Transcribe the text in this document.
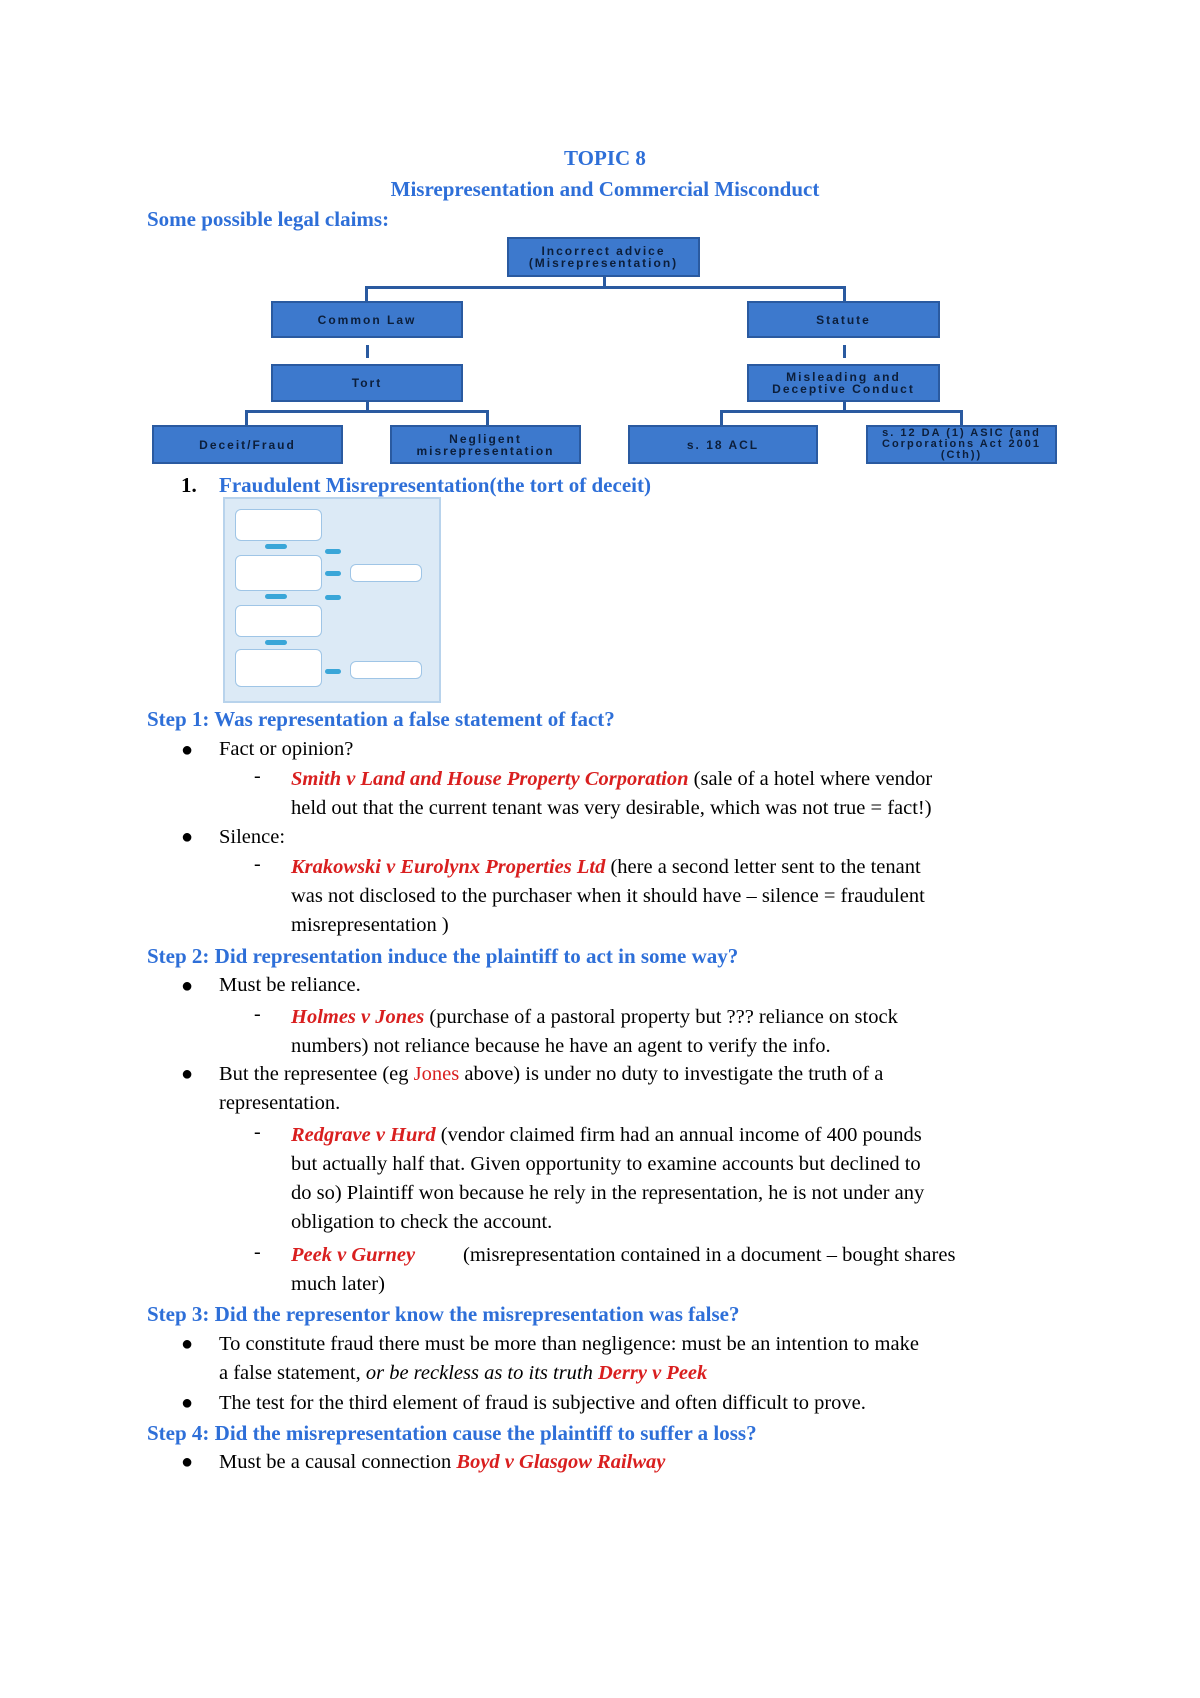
TOPIC 8
Misrepresentation and Commercial Misconduct
Some possible legal claims:
Incorrect advice (Misrepresentation)
Common Law	Statute
Tort	Misleading and Deceptive Conduct
Deceit/Fraud	Negligent misrepresentation	s. 18 ACL
s. 12 DA (1) ASIC (and Corporations Act 2001 (Cth))
1. Fraudulent Misrepresentation(the tort of deceit)
Step 1: Was representation a false statement of fact?
● Fact or opinion?
- Smith v Land and House Property Corporation (sale of a hotel where vendor
held out that the current tenant was very desirable, which was not true = fact!)
● Silence:
- Krakowski v Eurolynx Properties Ltd (here a second letter sent to the tenant
was not disclosed to the purchaser when it should have – silence = fraudulent
misrepresentation )
Step 2: Did representation induce the plaintiff to act in some way?
● Must be reliance.
- Holmes v Jones (purchase of a pastoral property but ??? reliance on stock
numbers) not reliance because he have an agent to verify the info.
● But the representee (eg Jones above) is under no duty to investigate the truth of a
representation.
- Redgrave v Hurd (vendor claimed firm had an annual income of 400 pounds
but actually half that. Given opportunity to examine accounts but declined to
do so) Plaintiff won because he rely in the representation, he is not under any
obligation to check the account.
- Peek v Gurney (misrepresentation contained in a document – bought shares
much later)
Step 3: Did the representor know the misrepresentation was false?
● To constitute fraud there must be more than negligence: must be an intention to make
a false statement, or be reckless as to its truth Derry v Peek
● The test for the third element of fraud is subjective and often difficult to prove.
Step 4: Did the misrepresentation cause the plaintiff to suffer a loss?
● Must be a causal connection Boyd v Glasgow Railway
